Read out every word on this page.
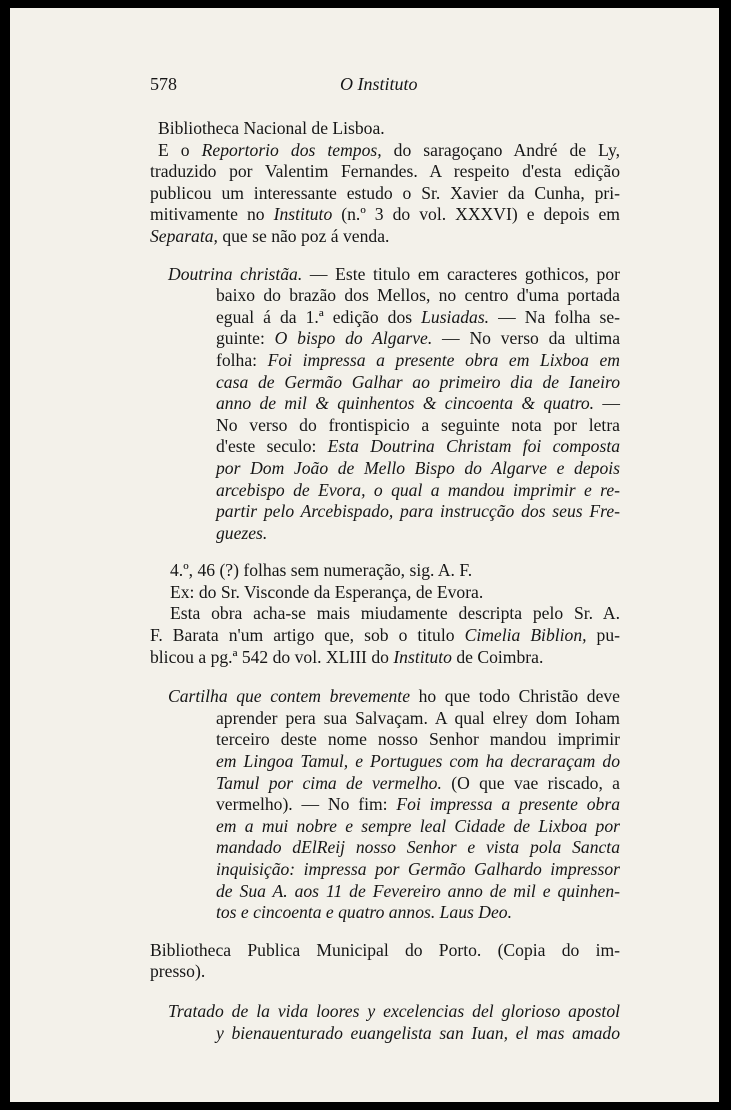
578	O Instituto

Bibliotheca Nacional de Lisboa.

E o Reportorio dos tempos, do saragoçano André de Ly,

traduzido por Valentim Fernandes. A respeito d'esta edição

publicou um interessante estudo o Sr. Xavier da Cunha, pri-

mitivamente no Instituto (n.º 3 do vol. XXXVI) e depois em

Separata, que se não poz á venda.

Doutrina christãa. — Este titulo em caracteres gothicos, por

baixo do brazão dos Mellos, no centro d'uma portada

egual á da 1.ª edição dos Lusiadas. — Na folha se-

guinte: O bispo do Algarve. — No verso da ultima

folha: Foi impressa a presente obra em Lixboa em

casa de Germão Galhar ao primeiro dia de Ianeiro

anno de mil & quinhentos & cincoenta & quatro. —

No verso do frontispicio a seguinte nota por letra

d'este seculo: Esta Doutrina Christam foi composta

por Dom João de Mello Bispo do Algarve e depois

arcebispo de Evora, o qual a mandou imprimir e re-

partir pelo Arcebispado, para instrucção dos seus Fre-

guezes.

4.º, 46 (?) folhas sem numeração, sig. A. F.

Ex: do Sr. Visconde da Esperança, de Evora.

Esta obra acha-se mais miudamente descripta pelo Sr. A.

F. Barata n'um artigo que, sob o titulo Cimelia Biblion, pu-

blicou a pg.ª 542 do vol. XLIII do Instituto de Coimbra.

Cartilha que contem brevemente ho que todo Christão deve

aprender pera sua Salvaçam. A qual elrey dom Ioham

terceiro deste nome nosso Senhor mandou imprimir

em Lingoa Tamul, e Portugues com ha decraraçam do

Tamul por cima de vermelho. (O que vae riscado, a

vermelho). — No fim: Foi impressa a presente obra

em a mui nobre e sempre leal Cidade de Lixboa por

mandado dElReij nosso Senhor e vista pola Sancta

inquisição: impressa por Germão Galhardo impressor

de Sua A. aos 11 de Fevereiro anno de mil e quinhen-

tos e cincoenta e quatro annos. Laus Deo.

Bibliotheca Publica Municipal do Porto. (Copia do im-

presso).

Tratado de la vida loores y excelencias del glorioso apostol

y bienauenturado euangelista san Iuan, el mas amado
